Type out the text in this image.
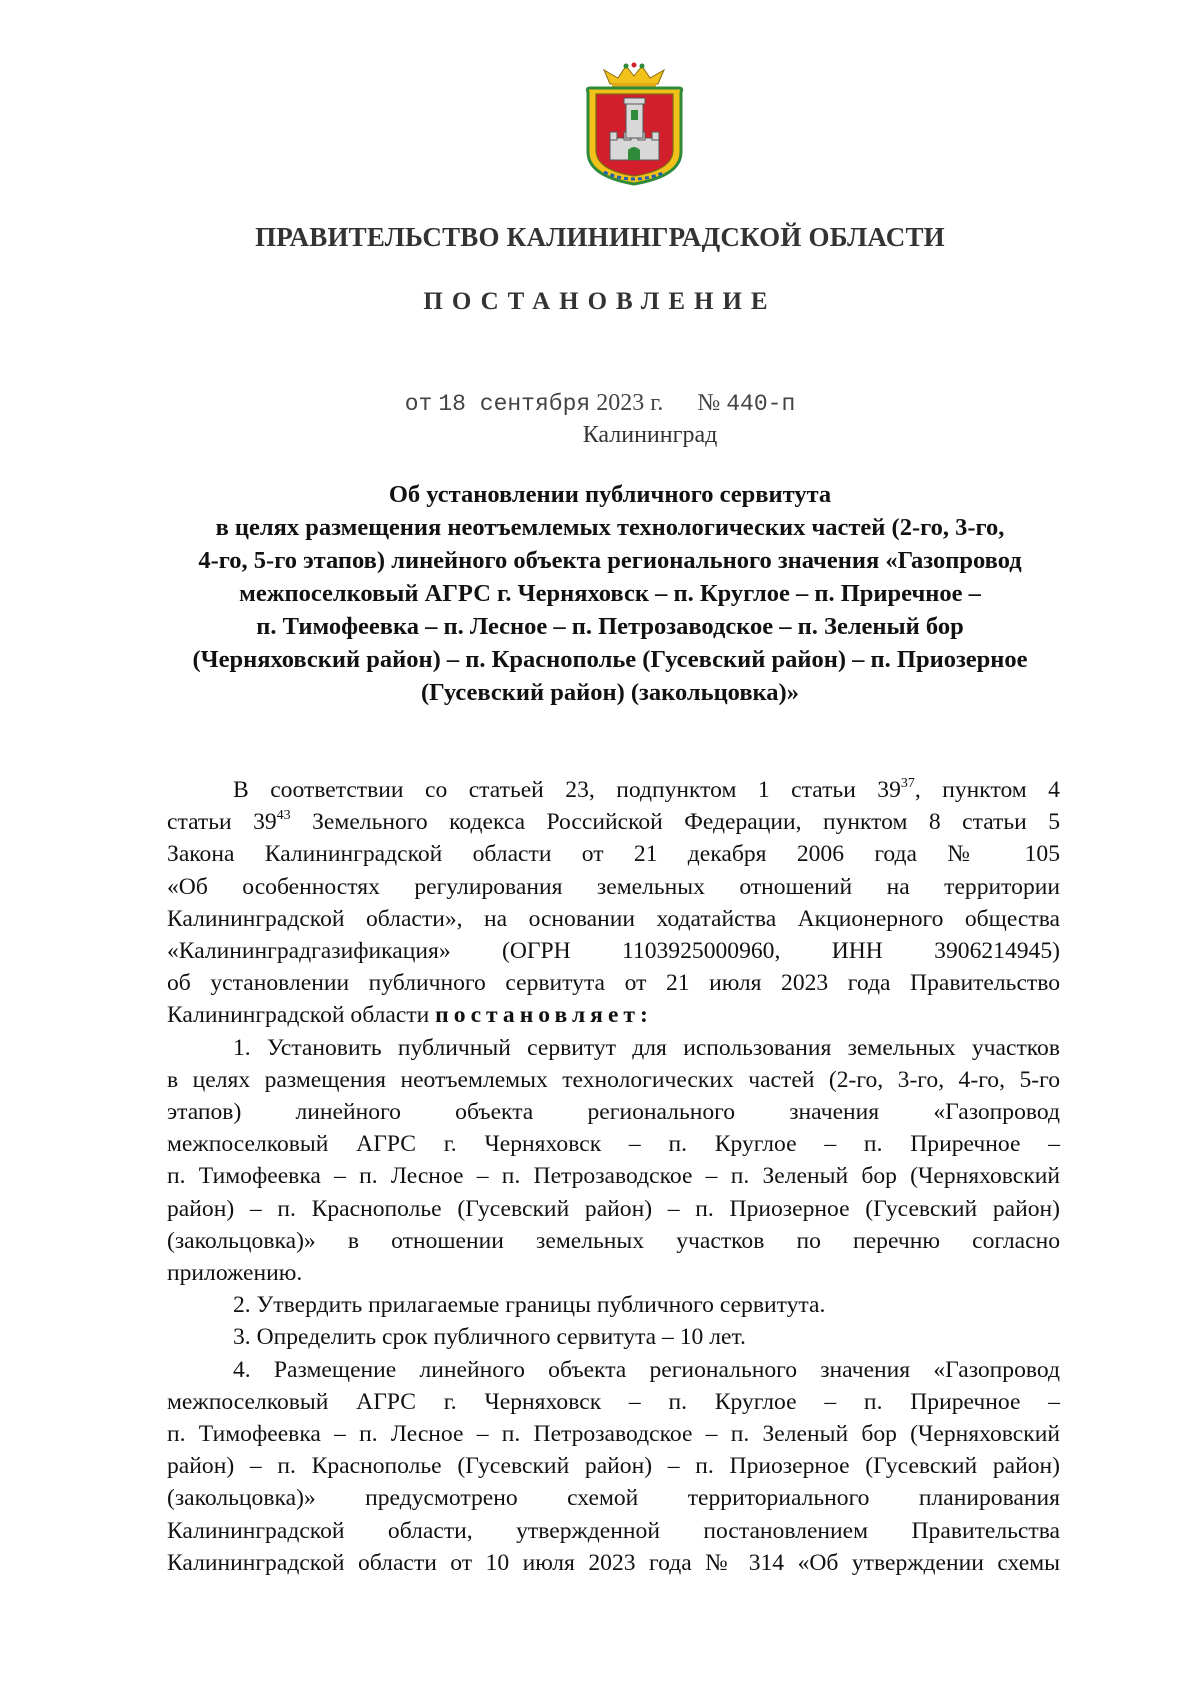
ПРАВИТЕЛЬСТВО КАЛИНИНГРАДСКОЙ ОБЛАСТИ
ПОСТАНОВЛЕНИЕ
от 18 сентября 2023 г. № 440-п
Калининград
Об установлении публичного сервитута
в целях размещения неотъемлемых технологических частей (2-го, 3-го,
4-го, 5-го этапов) линейного объекта регионального значения «Газопровод
межпоселковый АГРС г. Черняховск – п. Круглое – п. Приречное –
п. Тимофеевка – п. Лесное – п. Петрозаводское – п. Зеленый бор
(Черняховский район) – п. Краснополье (Гусевский район) – п. Приозерное
(Гусевский район) (закольцовка)»
В соответствии со статьей 23, подпунктом 1 статьи $39^{37}$, пунктом 4
статьи $39^{43}$ Земельного кодекса Российской Федерации, пунктом 8 статьи 5
Закона Калининградской области от 21 декабря 2006 года № 105
«Об особенностях регулирования земельных отношений на территории
Калининградской области», на основании ходатайства Акционерного общества
«Калининградгазификация» (ОГРН 1103925000960, ИНН 3906214945)
об установлении публичного сервитута от 21 июля 2023 года Правительство
Калининградской области постановляет:
1. Установить публичный сервитут для использования земельных участков
в целях размещения неотъемлемых технологических частей (2-го, 3-го, 4-го, 5-го
этапов) линейного объекта регионального значения «Газопровод
межпоселковый АГРС г. Черняховск – п. Круглое – п. Приречное –
п. Тимофеевка – п. Лесное – п. Петрозаводское – п. Зеленый бор (Черняховский
район) – п. Краснополье (Гусевский район) – п. Приозерное (Гусевский район)
(закольцовка)» в отношении земельных участков по перечню согласно
приложению.
2. Утвердить прилагаемые границы публичного сервитута.
3. Определить срок публичного сервитута – 10 лет.
4. Размещение линейного объекта регионального значения «Газопровод
межпоселковый АГРС г. Черняховск – п. Круглое – п. Приречное –
п. Тимофеевка – п. Лесное – п. Петрозаводское – п. Зеленый бор (Черняховский
район) – п. Краснополье (Гусевский район) – п. Приозерное (Гусевский район)
(закольцовка)» предусмотрено схемой территориального планирования
Калининградской области, утвержденной постановлением Правительства
Калининградской области от 10 июля 2023 года № 314 «Об утверждении схемы
